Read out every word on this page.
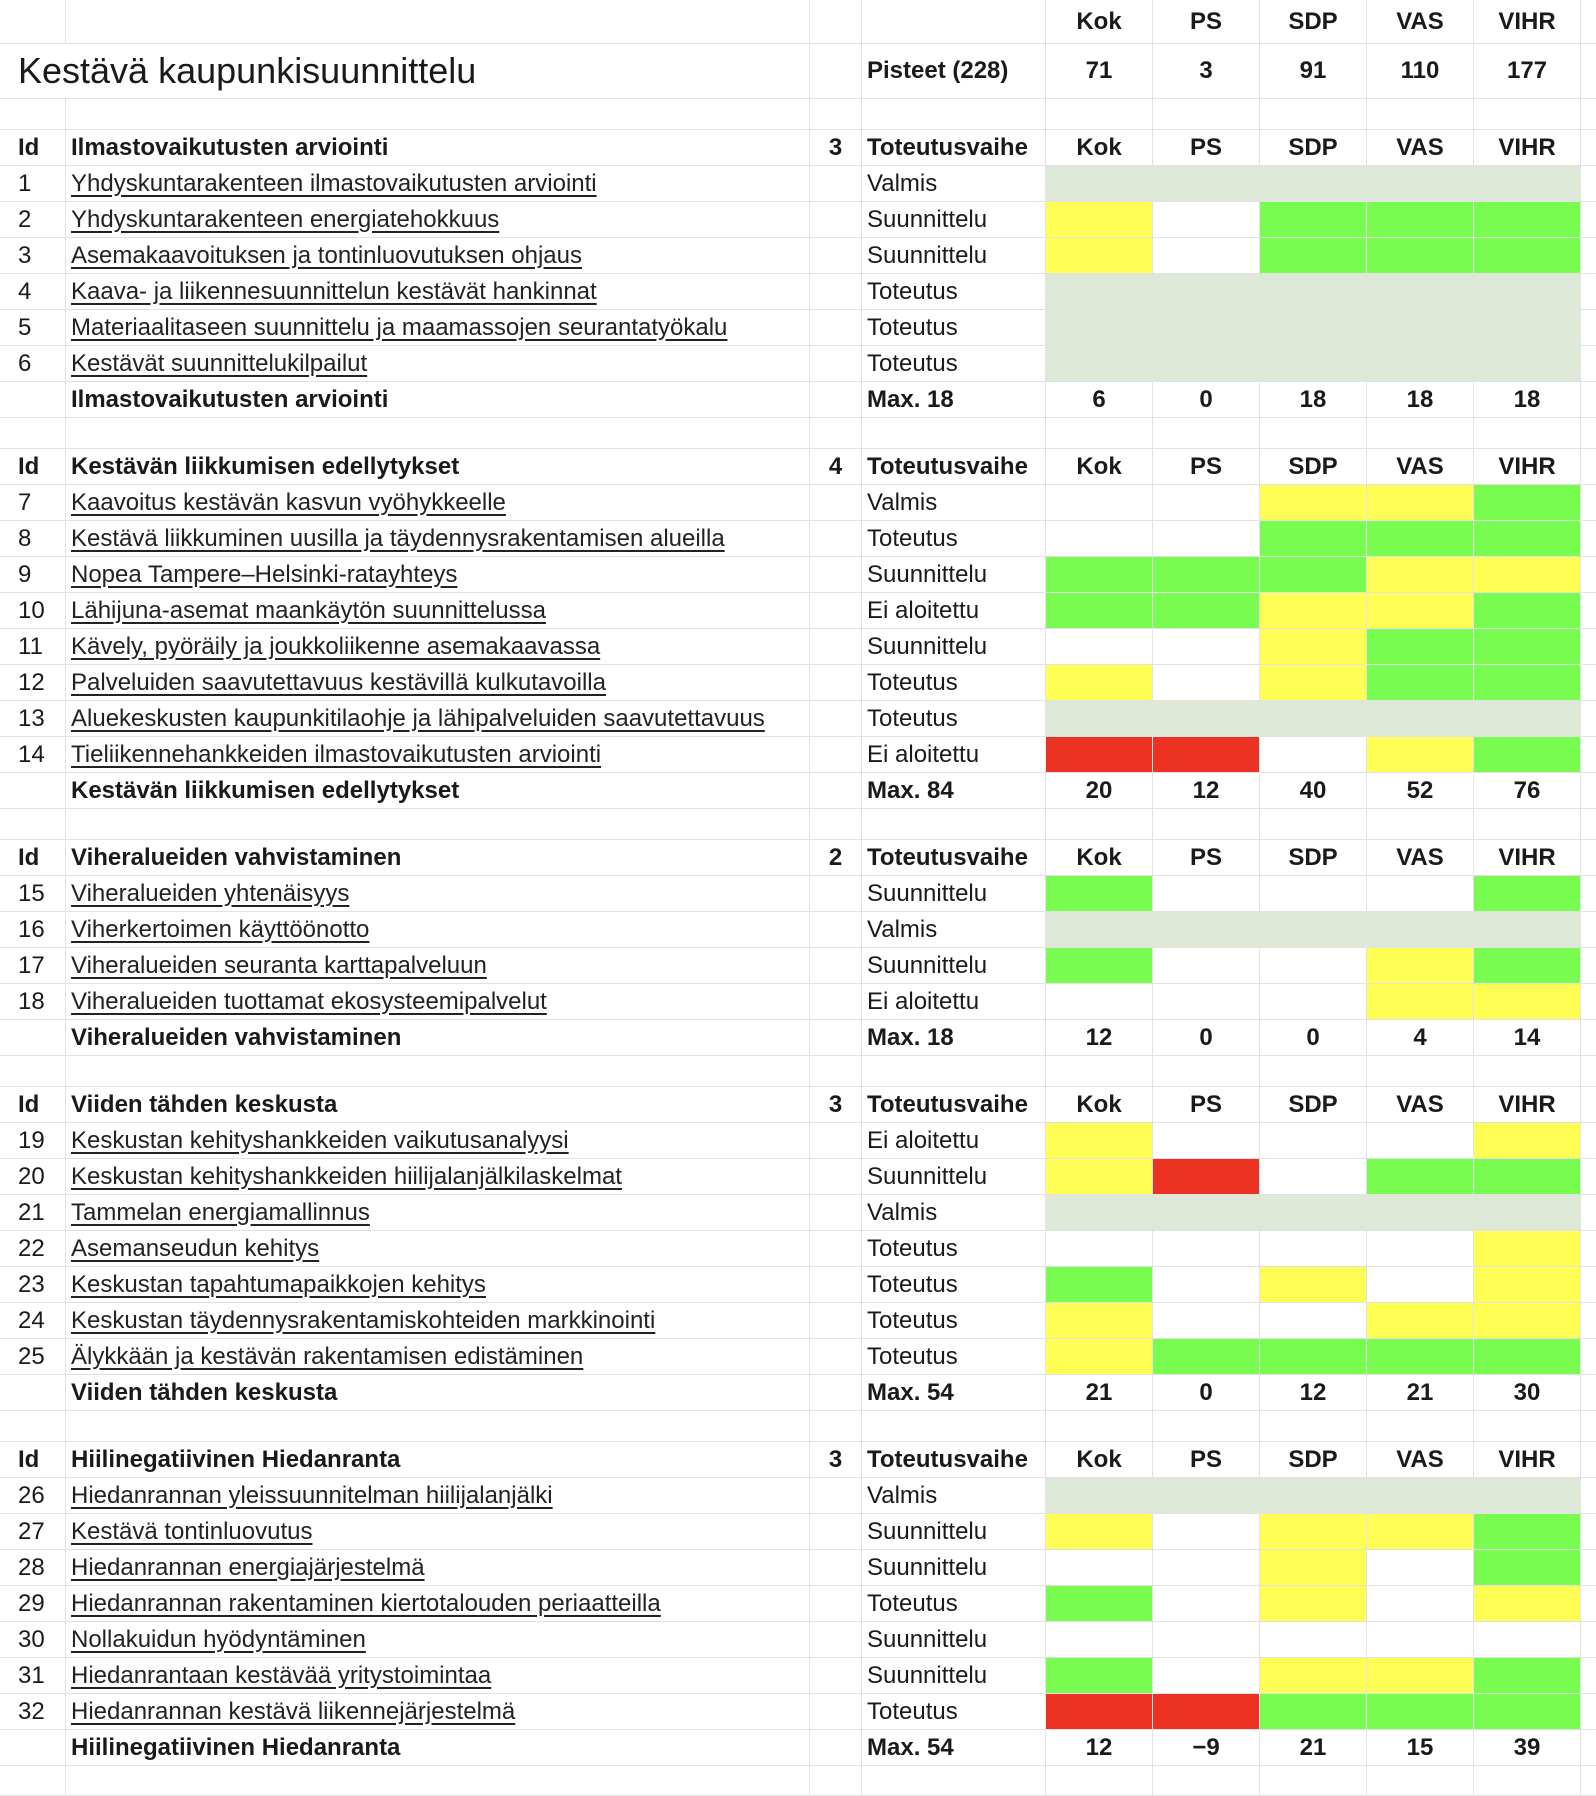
Kok	PS	SDP	VAS	VIHR
Kestävä kaupunkisuunnittelu	Pisteet (228)	71	3	91	110	177
Id	Ilmastovaikutusten arviointi	3	Toteutusvaihe	Kok	PS	SDP	VAS	VIHR
1	Yhdyskuntarakenteen ilmastovaikutusten arviointi	Valmis
2	Yhdyskuntarakenteen energiatehokkuus	Suunnittelu
3	Asemakaavoituksen ja tontinluovutuksen ohjaus	Suunnittelu
4	Kaava- ja liikennesuunnittelun kestävät hankinnat	Toteutus
5	Materiaalitaseen suunnittelu ja maamassojen seurantatyökalu	Toteutus
6	Kestävät suunnittelukilpailut	Toteutus
Ilmastovaikutusten arviointi	Max. 18	6	0	18	18	18
Id	Kestävän liikkumisen edellytykset	4	Toteutusvaihe	Kok	PS	SDP	VAS	VIHR
7	Kaavoitus kestävän kasvun vyöhykkeelle	Valmis
8	Kestävä liikkuminen uusilla ja täydennysrakentamisen alueilla	Toteutus
9	Nopea Tampere–Helsinki-ratayhteys	Suunnittelu
10	Lähijuna-asemat maankäytön suunnittelussa	Ei aloitettu
11	Kävely, pyöräily ja joukkoliikenne asemakaavassa	Suunnittelu
12	Palveluiden saavutettavuus kestävillä kulkutavoilla	Toteutus
13	Aluekeskusten kaupunkitilaohje ja lähipalveluiden saavutettavuus	Toteutus
14	Tieliikennehankkeiden ilmastovaikutusten arviointi	Ei aloitettu
Kestävän liikkumisen edellytykset	Max. 84	20	12	40	52	76
Id	Viheralueiden vahvistaminen	2	Toteutusvaihe	Kok	PS	SDP	VAS	VIHR
15	Viheralueiden yhtenäisyys	Suunnittelu
16	Viherkertoimen käyttöönotto	Valmis
17	Viheralueiden seuranta karttapalveluun	Suunnittelu
18	Viheralueiden tuottamat ekosysteemipalvelut	Ei aloitettu
Viheralueiden vahvistaminen	Max. 18	12	0	0	4	14
Id	Viiden tähden keskusta	3	Toteutusvaihe	Kok	PS	SDP	VAS	VIHR
19	Keskustan kehityshankkeiden vaikutusanalyysi	Ei aloitettu
20	Keskustan kehityshankkeiden hiilijalanjälkilaskelmat	Suunnittelu
21	Tammelan energiamallinnus	Valmis
22	Asemanseudun kehitys	Toteutus
23	Keskustan tapahtumapaikkojen kehitys	Toteutus
24	Keskustan täydennysrakentamiskohteiden markkinointi	Toteutus
25	Älykkään ja kestävän rakentamisen edistäminen	Toteutus
Viiden tähden keskusta	Max. 54	21	0	12	21	30
Id	Hiilinegatiivinen Hiedanranta	3	Toteutusvaihe	Kok	PS	SDP	VAS	VIHR
26	Hiedanrannan yleissuunnitelman hiilijalanjälki	Valmis
27	Kestävä tontinluovutus	Suunnittelu
28	Hiedanrannan energiajärjestelmä	Suunnittelu
29	Hiedanrannan rakentaminen kiertotalouden periaatteilla	Toteutus
30	Nollakuidun hyödyntäminen	Suunnittelu
31	Hiedanrantaan kestävää yritystoimintaa	Suunnittelu
32	Hiedanrannan kestävä liikennejärjestelmä	Toteutus
Hiilinegatiivinen Hiedanranta	Max. 54	12	−9	21	15	39
